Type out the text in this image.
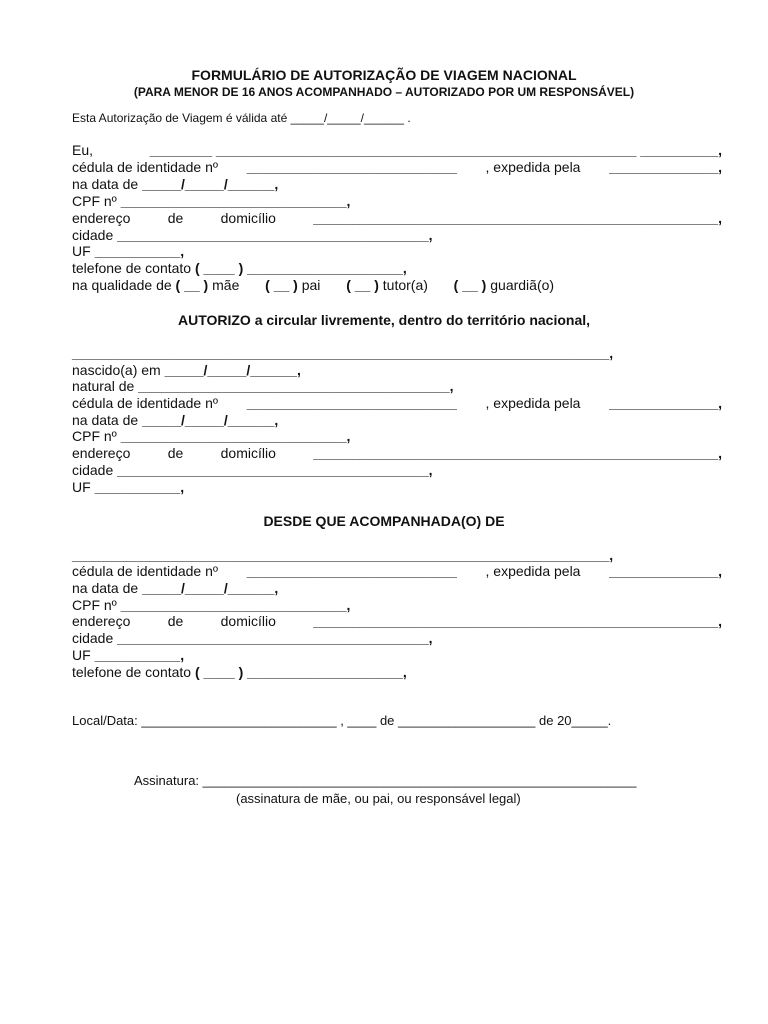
FORMULÁRIO DE AUTORIZAÇÃO DE VIAGEM NACIONAL
(PARA MENOR DE 16 ANOS ACOMPANHADO – AUTORIZADO POR UM RESPONSÁVEL)
Esta Autorização de Viagem é válida até _____/_____/______ .
Eu,	________ ______________________________________________________ __________,
cédula de identidade nº ___________________________ , expedida pela ______________,
na data de _____/_____/______,
CPF nº _____________________________,
endereço	de	domicílio	____________________________________________________,
cidade ________________________________________,
UF ___________,
telefone de contato ( ____ ) ____________________,
na qualidade de ( __ ) mãe ( __ ) pai ( __ ) tutor(a) ( __ ) guardiã(o)
AUTORIZO a circular livremente, dentro do território nacional,
_____________________________________________________________________,
nascido(a) em _____/_____/______,
natural de ________________________________________,
cédula de identidade nº ___________________________ , expedida pela ______________,
na data de _____/_____/______,
CPF nº _____________________________,
endereço	de	domicílio	____________________________________________________,
cidade ________________________________________,
UF ___________,
DESDE QUE ACOMPANHADA(O) DE
_____________________________________________________________________,
cédula de identidade nº ___________________________ , expedida pela ______________,
na data de _____/_____/______,
CPF nº _____________________________,
endereço	de	domicílio	____________________________________________________,
cidade ________________________________________,
UF ___________,
telefone de contato ( ____ ) ____________________,
Local/Data: ___________________________ , ____ de ___________________ de 20_____.
Assinatura: ____________________________________________________________
(assinatura de mãe, ou pai, ou responsável legal)
